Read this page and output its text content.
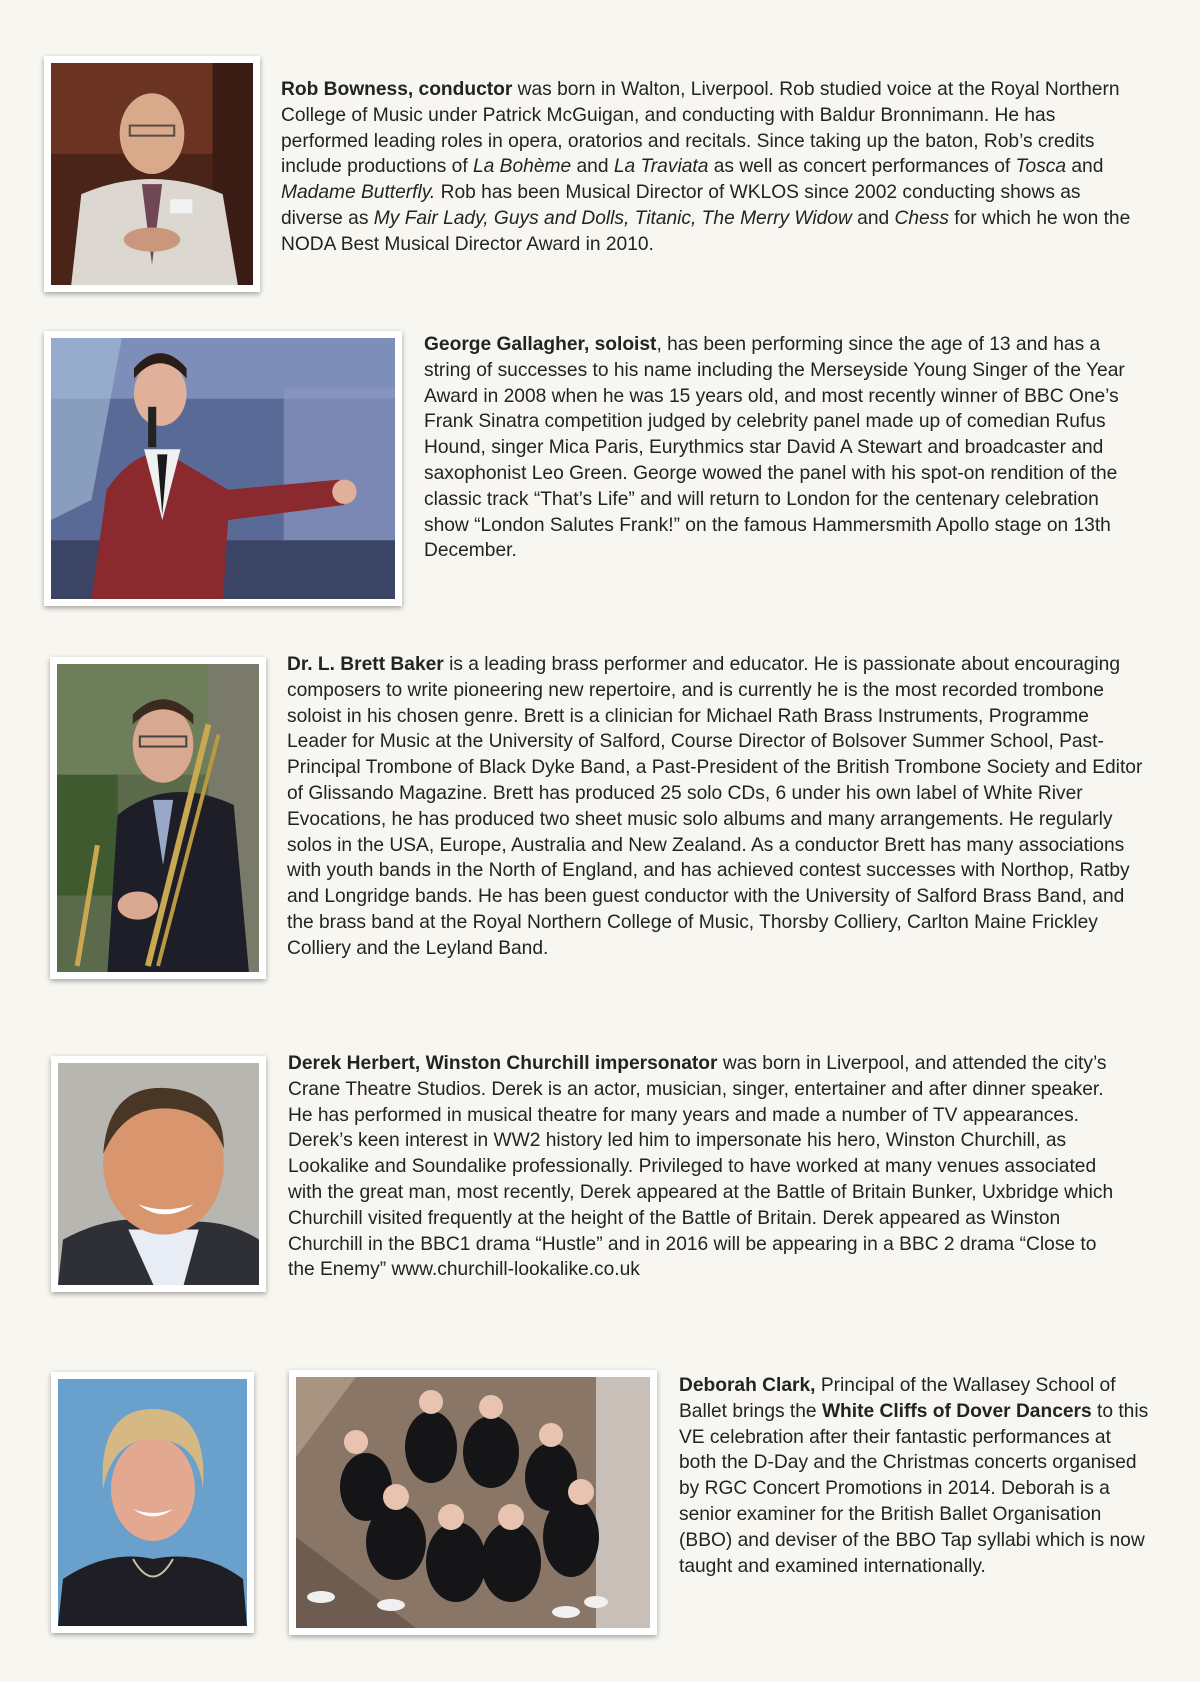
Rob Bowness, conductor was born in Walton, Liverpool. Rob studied voice at the Royal Northern College of Music under Patrick McGuigan, and conducting with Baldur Bronnimann. He has performed leading roles in opera, oratorios and recitals. Since taking up the baton, Rob’s credits include productions of La Bohème and La Traviata as well as concert performances of Tosca and Madame Butterfly. Rob has been Musical Director of WKLOS since 2002 conducting shows as diverse as My Fair Lady, Guys and Dolls, Titanic, The Merry Widow and Chess for which he won the NODA Best Musical Director Award in 2010.

George Gallagher, soloist, has been performing since the age of 13 and has a string of successes to his name including the Merseyside Young Singer of the Year Award in 2008 when he was 15 years old, and most recently winner of BBC One’s Frank Sinatra competition judged by celebrity panel made up of comedian Rufus Hound, singer Mica Paris, Eurythmics star David A Stewart and broadcaster and saxophonist Leo Green. George wowed the panel with his spot-on rendition of the classic track “That’s Life” and will return to London for the centenary celebration show “London Salutes Frank!” on the famous Hammersmith Apollo stage on 13th December.

Dr. L. Brett Baker is a leading brass performer and educator. He is passionate about encouraging composers to write pioneering new repertoire, and is currently he is the most recorded trombone soloist in his chosen genre. Brett is a clinician for Michael Rath Brass Instruments, Programme Leader for Music at the University of Salford, Course Director of Bolsover Summer School, Past-Principal Trombone of Black Dyke Band, a Past-President of the British Trombone Society and Editor of Glissando Magazine. Brett has produced 25 solo CDs, 6 under his own label of White River Evocations, he has produced two sheet music solo albums and many arrangements. He regularly solos in the USA, Europe, Australia and New Zealand. As a conductor Brett has many associations with youth bands in the North of England, and has achieved contest successes with Northop, Ratby and Longridge bands. He has been guest conductor with the University of Salford Brass Band, and the brass band at the Royal Northern College of Music, Thorsby Colliery, Carlton Maine Frickley Colliery and the Leyland Band.

Derek Herbert, Winston Churchill impersonator was born in Liverpool, and attended the city’s Crane Theatre Studios. Derek is an actor, musician, singer, entertainer and after dinner speaker. He has performed in musical theatre for many years and made a number of TV appearances. Derek’s keen interest in WW2 history led him to impersonate his hero, Winston Churchill, as Lookalike and Soundalike professionally. Privileged to have worked at many venues associated with the great man, most recently, Derek appeared at the Battle of Britain Bunker, Uxbridge which Churchill visited frequently at the height of the Battle of Britain. Derek appeared as Winston Churchill in the BBC1 drama “Hustle” and in 2016 will be appearing in a BBC 2 drama “Close to the Enemy” www.churchill-lookalike.co.uk

Deborah Clark, Principal of the Wallasey School of Ballet brings the White Cliffs of Dover Dancers to this VE celebration after their fantastic performances at both the D-Day and the Christmas concerts organised by RGC Concert Promotions in 2014. Deborah is a senior examiner for the British Ballet Organisation (BBO) and deviser of the BBO Tap syllabi which is now taught and examined internationally.
